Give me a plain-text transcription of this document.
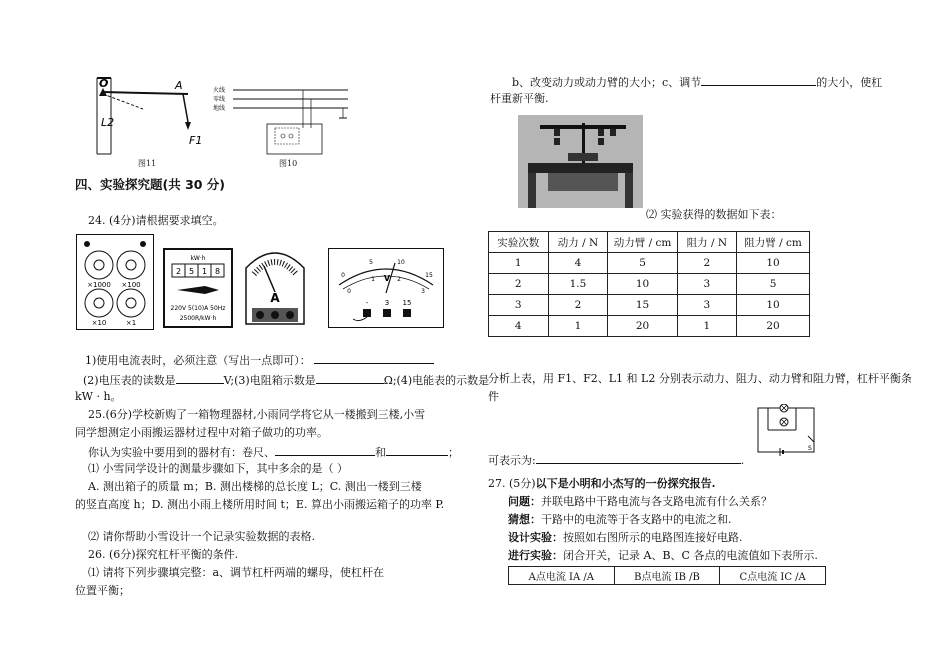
O	A
L2
F1
图11
火线
零线
地线
图10
四、实验探究题(共 30 分)
24. (4分)请根据要求填空。
×1000 ×100
×10	×1
kW·h
2 5 1 8
220V 5(10)A 50Hz
2500R/kW·h
A
0
5	10
15
0
1	2
3
V
- 3 15
1)使用电流表时，必须注意（写出一点即可）：
(2)电压表的读数是	V;(3)电阻箱示数是	Ω;(4)电能表的示数是
kW · h。
25.(6分)学校新购了一箱物理器材,小雨同学将它从一楼搬到三楼,小雪
同学想测定小雨搬运器材过程中对箱子做功的功率。
你认为实验中要用到的器材有：卷尺、	和	；
⑴ 小雪同学设计的测量步骤如下，其中多余的是（ ）
A. 测出箱子的质量 m；B. 测出楼梯的总长度 L；C. 测出一楼到三楼
的竖直高度 h；D. 测出小雨上楼所用时间 t；E. 算出小雨搬运箱子的功率 P.
⑵ 请你帮助小雪设计一个记录实验数据的表格.
26. (6分)探究杠杆平衡的条件.
⑴ 请将下列步骤填完整：a、调节杠杆两端的螺母，使杠杆在
位置平衡；
b、改变动力或动力臂的大小；c、调节	的大小，使杠
杆重新平衡.
⑵ 实验获得的数据如下表：
实验次数	动力 / N	动力臂 / cm	阻力 / N	阻力臂 / cm
1	4	5	2	10
2	1.5	10	3	5
3	2	15	3	10
4	1	20	1	20
分析上表，用 F1、F2、L1 和 L2 分别表示动力、阻力、动力臂和阻力臂，杠杆平衡条
件
S
可表示为:	.
27. (5分)以下是小明和小杰写的一份探究报告.
问题：并联电路中干路电流与各支路电流有什么关系？
猜想：干路中的电流等于各支路中的电流之和.
设计实验：按照如右图所示的电路图连接好电路.
进行实验：闭合开关，记录 A、B、C 各点的电流值如下表所示.
A点电流 IA /A	B点电流 IB /B	C点电流 IC /A
